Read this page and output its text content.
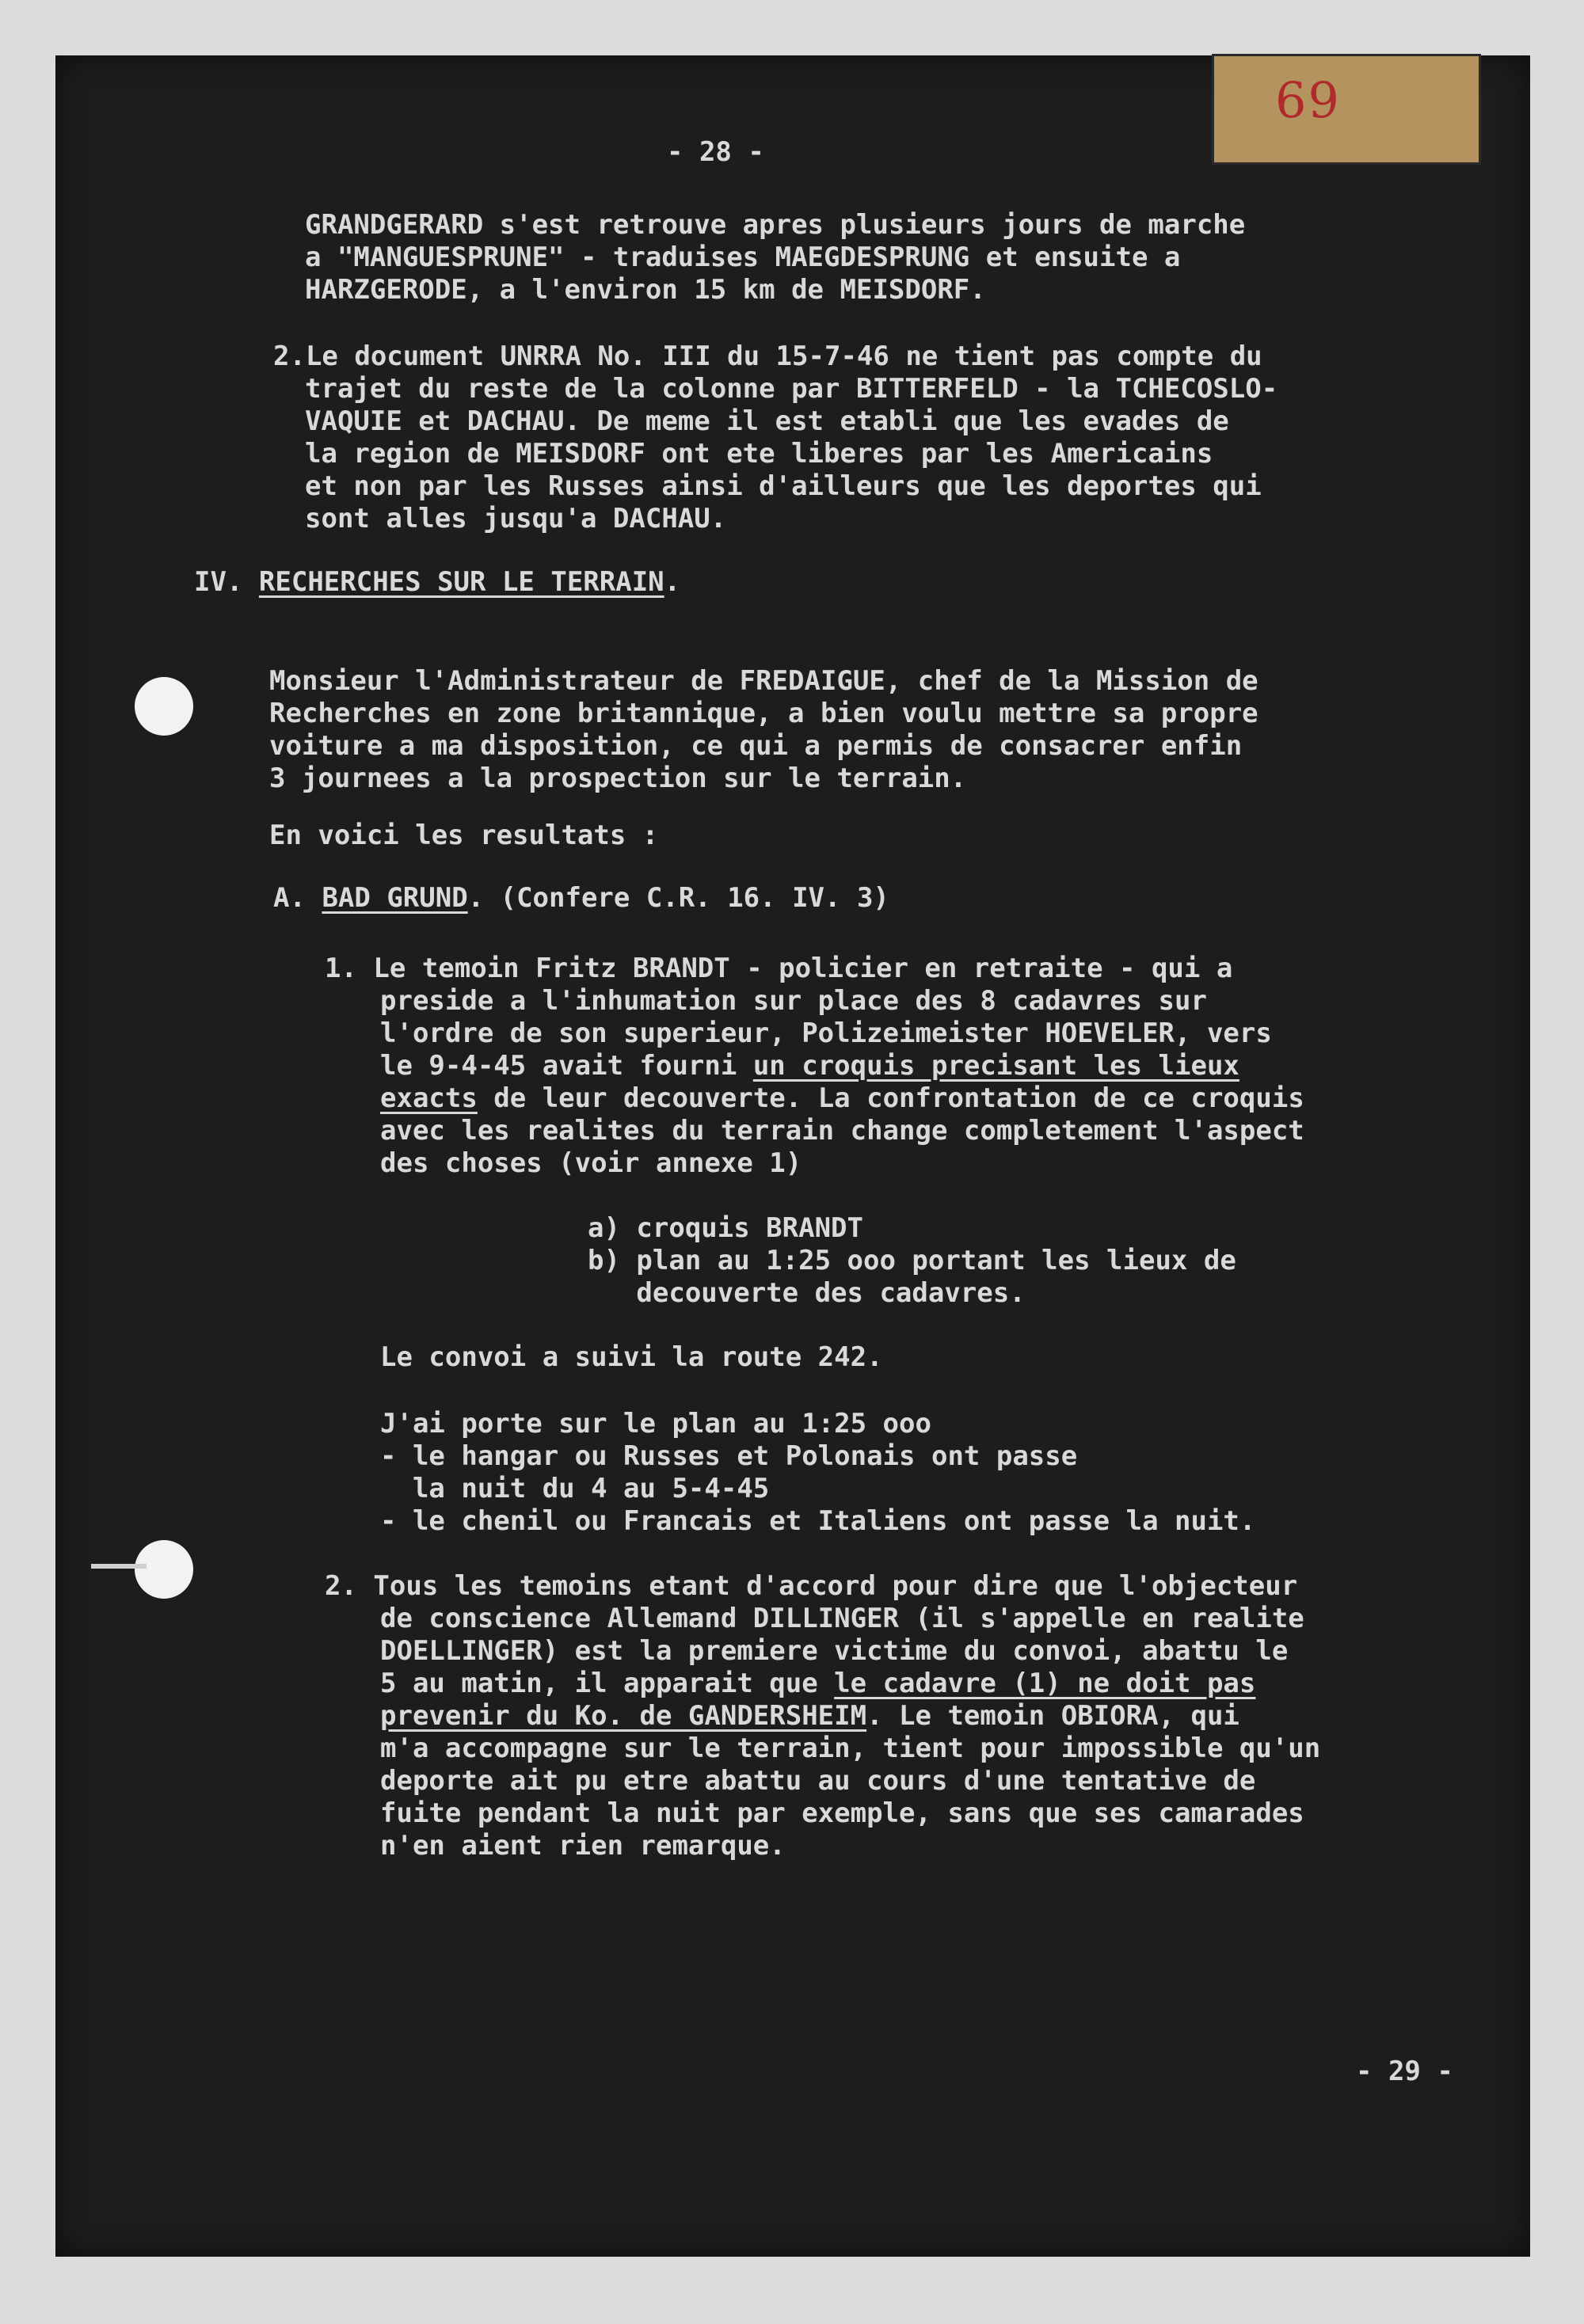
69
- 28 -
GRANDGERARD s'est retrouve apres plusieurs jours de marche
a "MANGUESPRUNE" - traduises MAEGDESPRUNG et ensuite a
HARZGERODE, a l'environ 15 km de MEISDORF.
2.Le document UNRRA No. III du 15-7-46 ne tient pas compte du
trajet du reste de la colonne par BITTERFELD - la TCHECOSLO-
VAQUIE et DACHAU. De meme il est etabli que les evades de
la region de MEISDORF ont ete liberes par les Americains
et non par les Russes ainsi d'ailleurs que les deportes qui
sont alles jusqu'a DACHAU.
IV. RECHERCHES SUR LE TERRAIN.
Monsieur l'Administrateur de FREDAIGUE, chef de la Mission de
Recherches en zone britannique, a bien voulu mettre sa propre
voiture a ma disposition, ce qui a permis de consacrer enfin
3 journees a la prospection sur le terrain.
En voici les resultats :
A. BAD GRUND. (Confere C.R. 16. IV. 3)
1. Le temoin Fritz BRANDT - policier en retraite - qui a
preside a l'inhumation sur place des 8 cadavres sur
l'ordre de son superieur, Polizeimeister HOEVELER, vers
le 9-4-45 avait fourni un croquis precisant les lieux
exacts de leur decouverte. La confrontation de ce croquis
avec les realites du terrain change completement l'aspect
des choses (voir annexe 1)
a) croquis BRANDT
b) plan au 1:25 ooo portant les lieux de
decouverte des cadavres.
Le convoi a suivi la route 242.
J'ai porte sur le plan au 1:25 ooo
- le hangar ou Russes et Polonais ont passe
la nuit du 4 au 5-4-45
- le chenil ou Francais et Italiens ont passe la nuit.
2. Tous les temoins etant d'accord pour dire que l'objecteur
de conscience Allemand DILLINGER (il s'appelle en realite
DOELLINGER) est la premiere victime du convoi, abattu le
5 au matin, il apparait que le cadavre (1) ne doit pas
prevenir du Ko. de GANDERSHEIM. Le temoin OBIORA, qui
m'a accompagne sur le terrain, tient pour impossible qu'un
deporte ait pu etre abattu au cours d'une tentative de
fuite pendant la nuit par exemple, sans que ses camarades
n'en aient rien remarque.
- 29 -
